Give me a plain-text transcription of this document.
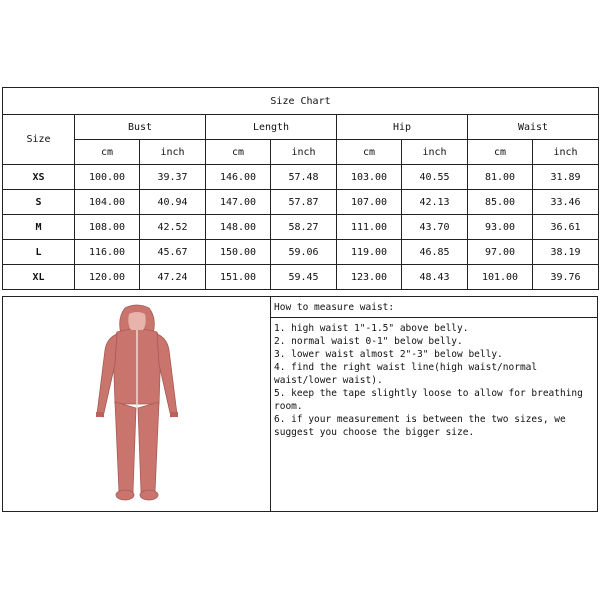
Size Chart								
Size	Bust		Length		Hip		Waist	
	cm	inch	cm	inch	cm	inch	cm	inch
XS	100.00	39.37	146.00	57.48	103.00	40.55	81.00	31.89
S	104.00	40.94	147.00	57.87	107.00	42.13	85.00	33.46
M	108.00	42.52	148.00	58.27	111.00	43.70	93.00	36.61
L	116.00	45.67	150.00	59.06	119.00	46.85	97.00	38.19
XL	120.00	47.24	151.00	59.45	123.00	48.43	101.00	39.76
How to measure waist:
1. high waist 1"-1.5" above belly.
2. normal waist 0-1" below belly.
3. lower waist almost 2"-3" below belly.
4. find the right waist line(high waist/normal waist/lower waist).
5. keep the tape slightly loose to allow for breathing room.
6. if your measurement is between the two sizes, we suggest you choose the bigger size.
